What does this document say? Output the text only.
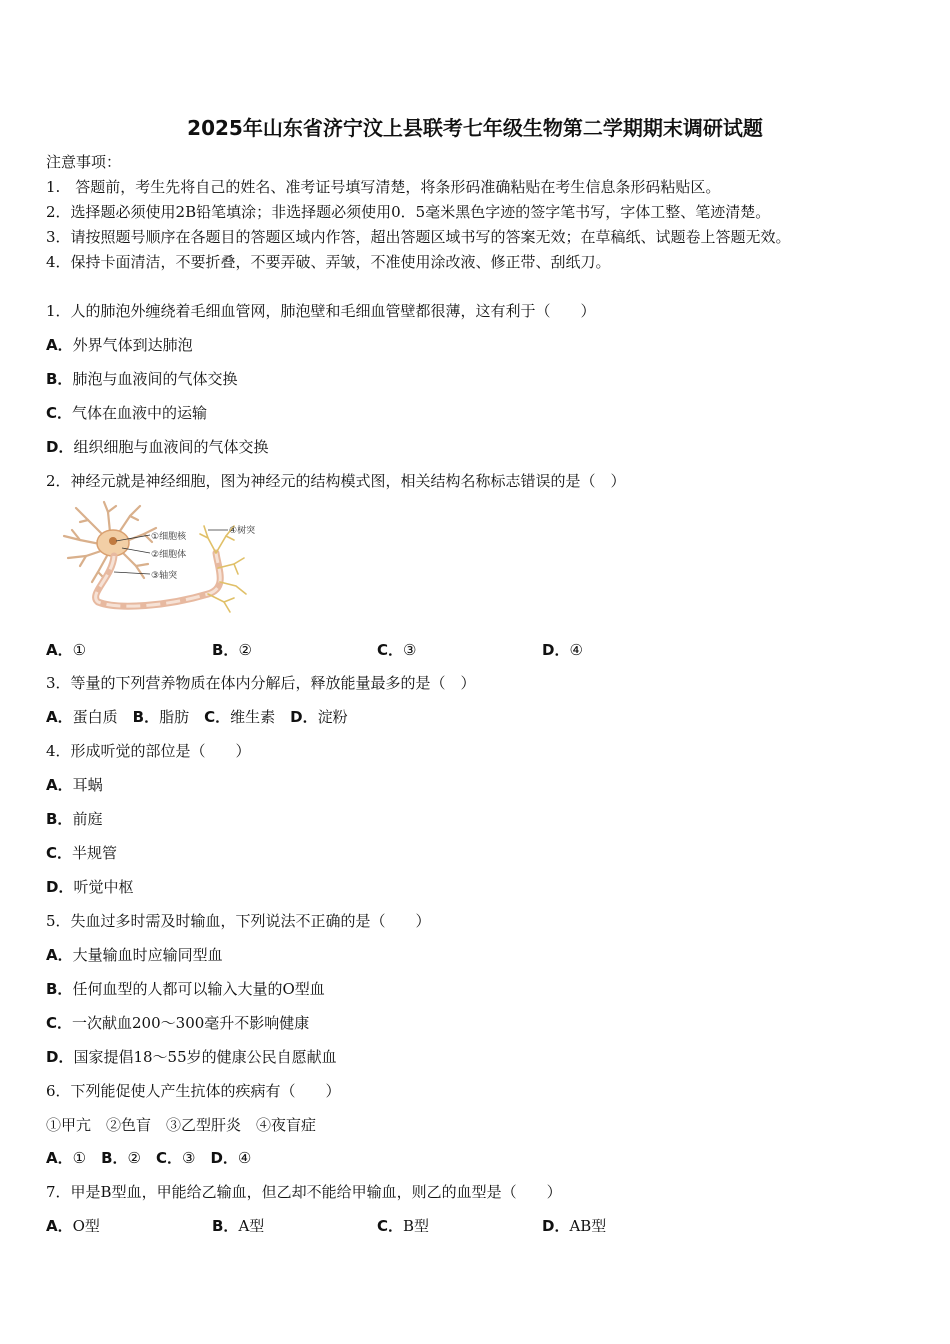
2025年山东省济宁汶上县联考七年级生物第二学期期末调研试题
注意事项：
1.　答题前，考生先将自己的姓名、准考证号填写清楚，将条形码准确粘贴在考生信息条形码粘贴区。
2．选择题必须使用2B铅笔填涂；非选择题必须使用0．5毫米黑色字迹的签字笔书写，字体工整、笔迹清楚。
3．请按照题号顺序在各题目的答题区域内作答，超出答题区域书写的答案无效；在草稿纸、试题卷上答题无效。
4．保持卡面清洁，不要折叠，不要弄破、弄皱，不准使用涂改液、修正带、刮纸刀。
1．人的肺泡外缠绕着毛细血管网，肺泡壁和毛细血管壁都很薄，这有利于（　　）
A．外界气体到达肺泡
B．肺泡与血液间的气体交换
C．气体在血液中的运输
D．组织细胞与血液间的气体交换
2．神经元就是神经细胞，图为神经元的结构模式图，相关结构名称标志错误的是（　）
①细胞核
②细胞体
③轴突
④树突
A．①	B．②	C．③	D．④
3．等量的下列营养物质在体内分解后，释放能量最多的是（　）
A．蛋白质　 B．脂肪　 C．维生素　 D．淀粉
4．形成听觉的部位是（　　）
A．耳蜗
B．前庭
C．半规管
D．听觉中枢
5．失血过多时需及时输血，下列说法不正确的是（　　）
A．大量输血时应输同型血
B．任何血型的人都可以输入大量的O型血
C．一次献血200～300毫升不影响健康
D．国家提倡18～55岁的健康公民自愿献血
6．下列能促使人产生抗体的疾病有（　　）
①甲亢　②色盲　③乙型肝炎　④夜盲症
A．①　 B．②　 C．③　 D．④
7．甲是B型血，甲能给乙输血，但乙却不能给甲输血，则乙的血型是（　　）
A．O型	B．A型	C．B型	D．AB型
